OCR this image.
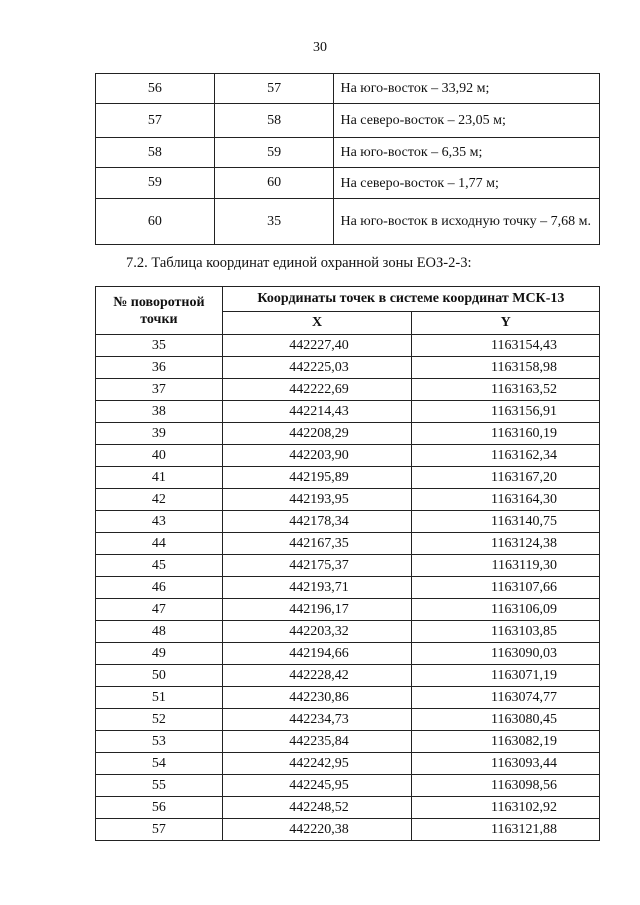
30
56	57	На юго-восток – 33,92 м;
57	58	На северо-восток – 23,05 м;
58	59	На юго-восток – 6,35 м;
59	60	На северо-восток – 1,77 м;
60	35	На юго-восток в исходную точку – 7,68 м.
7.2. Таблица координат единой охранной зоны ЕОЗ-2-3:
№ поворотной точки	Координаты точек в системе координат МСК-13	
	X	Y
35	442227,40	1163154,43
36	442225,03	1163158,98
37	442222,69	1163163,52
38	442214,43	1163156,91
39	442208,29	1163160,19
40	442203,90	1163162,34
41	442195,89	1163167,20
42	442193,95	1163164,30
43	442178,34	1163140,75
44	442167,35	1163124,38
45	442175,37	1163119,30
46	442193,71	1163107,66
47	442196,17	1163106,09
48	442203,32	1163103,85
49	442194,66	1163090,03
50	442228,42	1163071,19
51	442230,86	1163074,77
52	442234,73	1163080,45
53	442235,84	1163082,19
54	442242,95	1163093,44
55	442245,95	1163098,56
56	442248,52	1163102,92
57	442220,38	1163121,88
